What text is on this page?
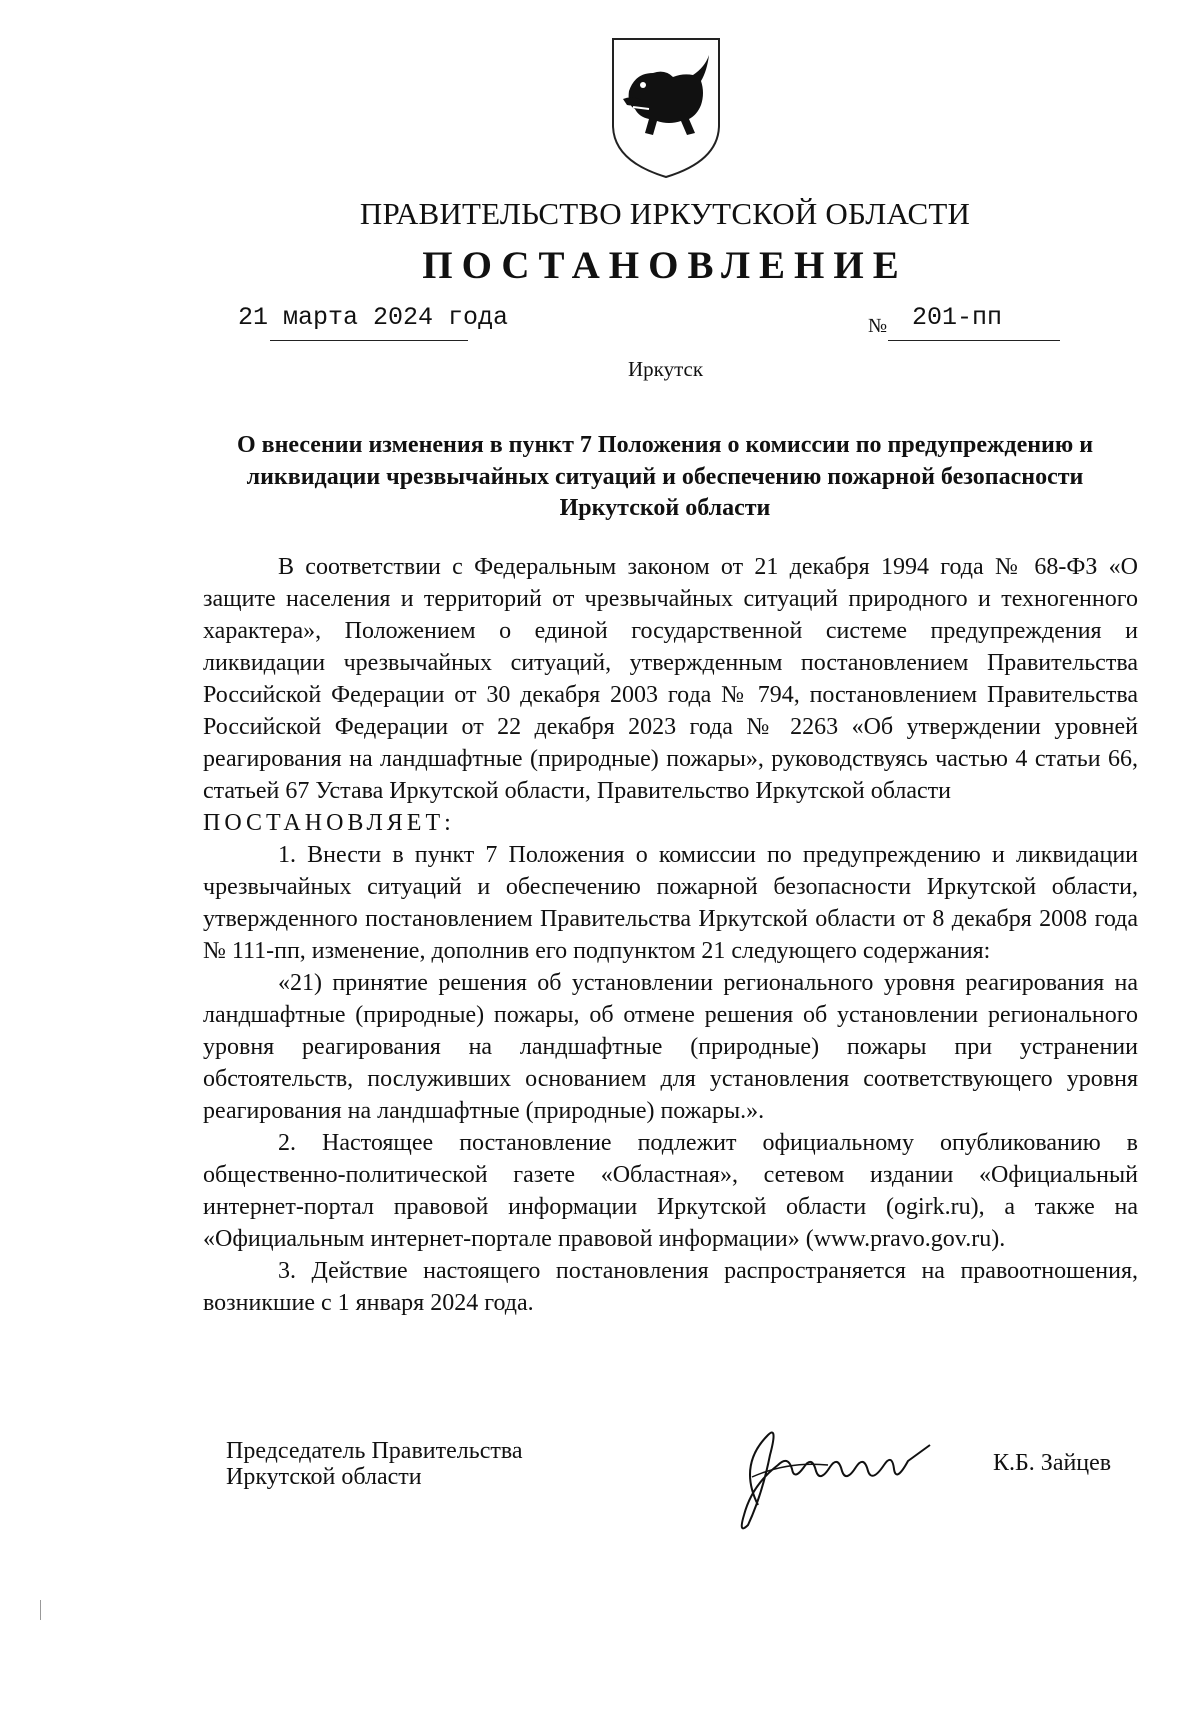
ПРАВИТЕЛЬСТВО ИРКУТСКОЙ ОБЛАСТИ
ПОСТАНОВЛЕНИЕ
21 марта 2024 года	№ 201-пп
Иркутск
О внесении изменения в пункт 7 Положения о комиссии по предупреждению и ликвидации чрезвычайных ситуаций и обеспечению пожарной безопасности Иркутской области

В соответствии с Федеральным законом от 21 декабря 1994 года № 68-ФЗ «О защите населения и территорий от чрезвычайных ситуаций природного и техногенного характера», Положением о единой государственной системе предупреждения и ликвидации чрезвычайных ситуаций, утвержденным постановлением Правительства Российской Федерации от 30 декабря 2003 года № 794, постановлением Правительства Российской Федерации от 22 декабря 2023 года № 2263 «Об утверждении уровней реагирования на ландшафтные (природные) пожары», руководствуясь частью 4 статьи 66, статьей 67 Устава Иркутской области, Правительство Иркутской области

ПОСТАНОВЛЯЕТ:

1. Внести в пункт 7 Положения о комиссии по предупреждению и ликвидации чрезвычайных ситуаций и обеспечению пожарной безопасности Иркутской области, утвержденного постановлением Правительства Иркутской области от 8 декабря 2008 года № 111-пп, изменение, дополнив его подпунктом 21 следующего содержания:

«21) принятие решения об установлении регионального уровня реагирования на ландшафтные (природные) пожары, об отмене решения об установлении регионального уровня реагирования на ландшафтные (природные) пожары при устранении обстоятельств, послуживших основанием для установления соответствующего уровня реагирования на ландшафтные (природные) пожары.».

2. Настоящее постановление подлежит официальному опубликованию в общественно-политической газете «Областная», сетевом издании «Официальный интернет-портал правовой информации Иркутской области (ogirk.ru), а также на «Официальным интернет-портале правовой информации» (www.pravo.gov.ru).

3. Действие настоящего постановления распространяется на правоотношения, возникшие с 1 января 2024 года.

Председатель Правительства
Иркутской области
К.Б. Зайцев
